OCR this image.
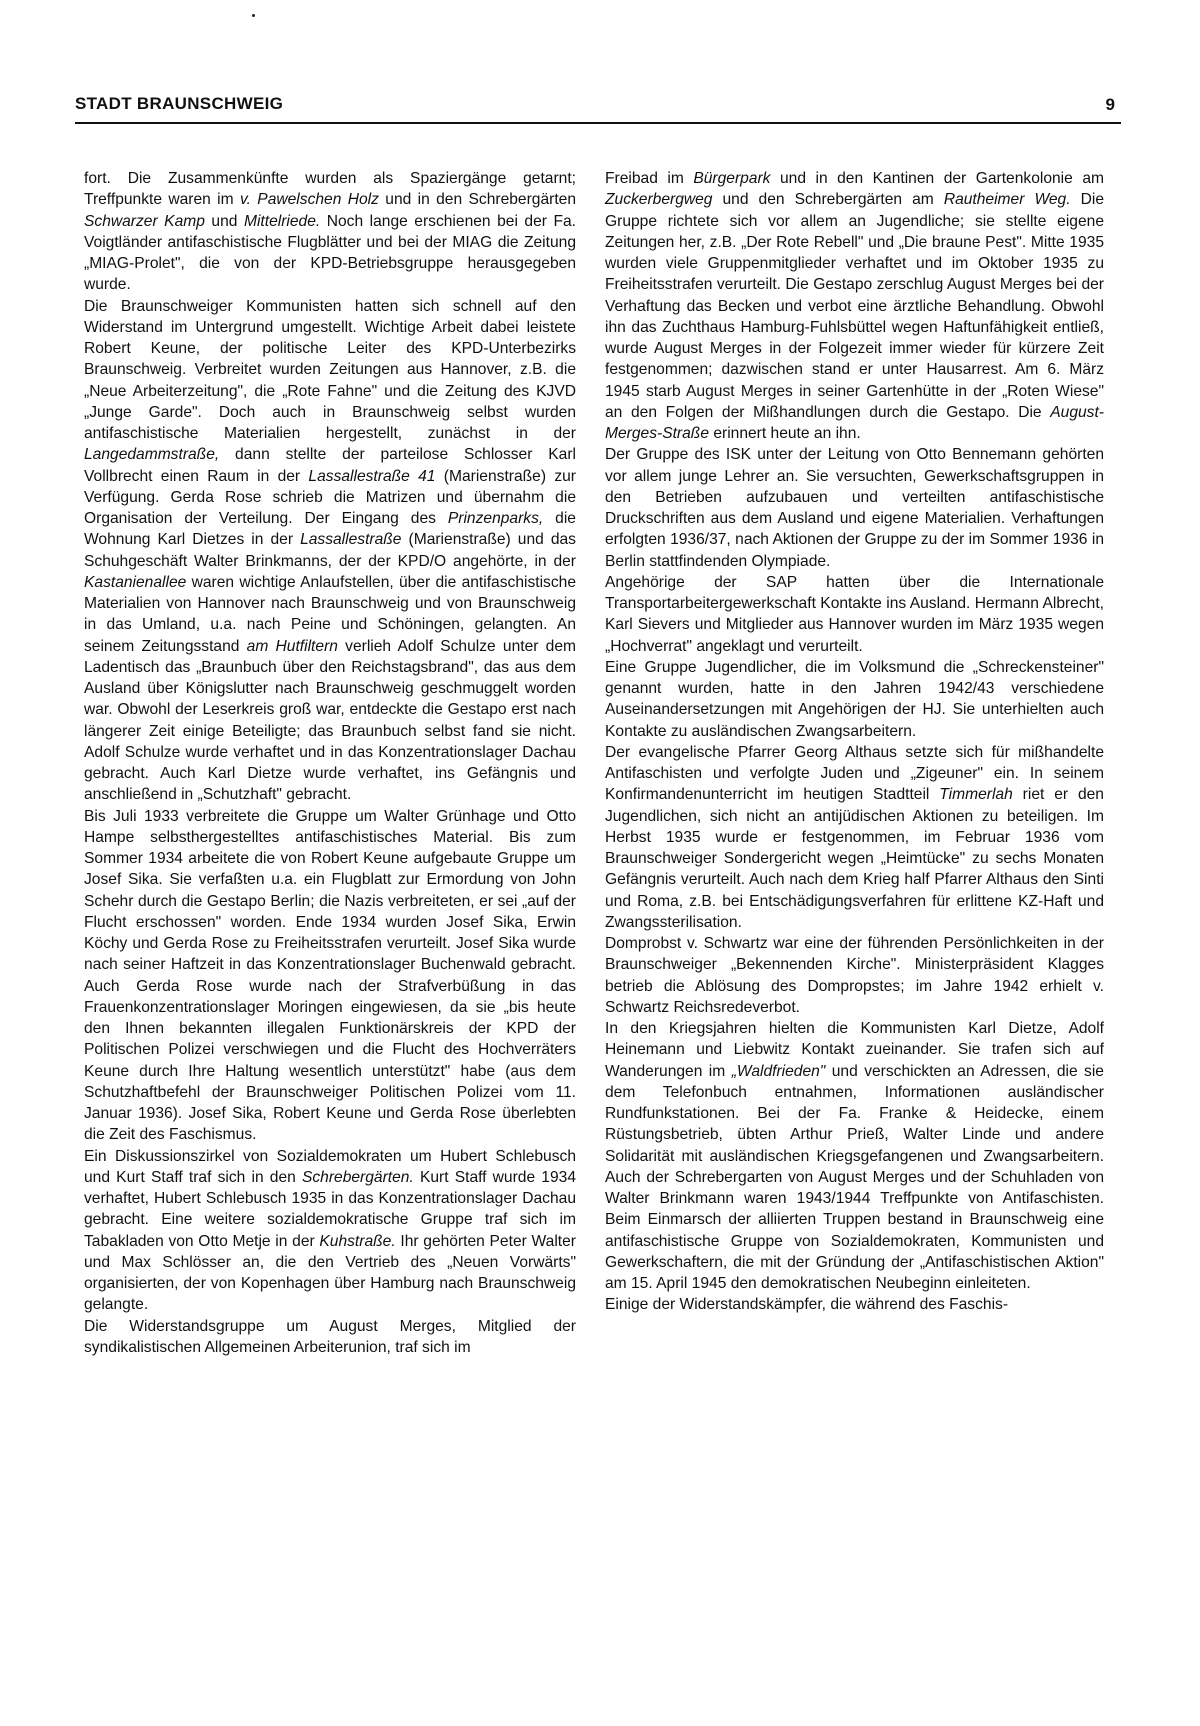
STADT BRAUNSCHWEIG	9

fort. Die Zusammenkünfte wurden als Spaziergänge getarnt; Treffpunkte waren im v. Pawelschen Holz und in den Schrebergärten Schwarzer Kamp und Mittelriede. Noch lange erschienen bei der Fa. Voigtländer antifaschistische Flugblätter und bei der MIAG die Zeitung „MIAG-Prolet", die von der KPD-Betriebsgruppe herausgegeben wurde.

Die Braunschweiger Kommunisten hatten sich schnell auf den Widerstand im Untergrund umgestellt. Wichtige Arbeit dabei leistete Robert Keune, der politische Leiter des KPD-Unterbezirks Braunschweig. Verbreitet wurden Zeitungen aus Hannover, z.B. die „Neue Arbeiterzeitung", die „Rote Fahne" und die Zeitung des KJVD „Junge Garde". Doch auch in Braunschweig selbst wurden antifaschistische Materialien hergestellt, zunächst in der Langedammstraße, dann stellte der parteilose Schlosser Karl Vollbrecht einen Raum in der Lassallestraße 41 (Marienstraße) zur Verfügung. Gerda Rose schrieb die Matrizen und übernahm die Organisation der Verteilung. Der Eingang des Prinzenparks, die Wohnung Karl Dietzes in der Lassallestraße (Marienstraße) und das Schuhgeschäft Walter Brinkmanns, der der KPD/O angehörte, in der Kastanienallee waren wichtige Anlaufstellen, über die antifaschistische Materialien von Hannover nach Braunschweig und von Braunschweig in das Umland, u.a. nach Peine und Schöningen, gelangten. An seinem Zeitungsstand am Hutfiltern verlieh Adolf Schulze unter dem Ladentisch das „Braunbuch über den Reichstagsbrand", das aus dem Ausland über Königslutter nach Braunschweig geschmuggelt worden war. Obwohl der Leserkreis groß war, entdeckte die Gestapo erst nach längerer Zeit einige Beteiligte; das Braunbuch selbst fand sie nicht. Adolf Schulze wurde verhaftet und in das Konzentrationslager Dachau gebracht. Auch Karl Dietze wurde verhaftet, ins Gefängnis und anschließend in „Schutzhaft" gebracht.

Bis Juli 1933 verbreitete die Gruppe um Walter Grünhage und Otto Hampe selbsthergestelltes antifaschistisches Material. Bis zum Sommer 1934 arbeitete die von Robert Keune aufgebaute Gruppe um Josef Sika. Sie verfaßten u.a. ein Flugblatt zur Ermordung von John Schehr durch die Gestapo Berlin; die Nazis verbreiteten, er sei „auf der Flucht erschossen" worden. Ende 1934 wurden Josef Sika, Erwin Köchy und Gerda Rose zu Freiheitsstrafen verurteilt. Josef Sika wurde nach seiner Haftzeit in das Konzentrationslager Buchenwald gebracht. Auch Gerda Rose wurde nach der Strafverbüßung in das Frauenkonzentrationslager Moringen eingewiesen, da sie „bis heute den Ihnen bekannten illegalen Funktionärskreis der KPD der Politischen Polizei verschwiegen und die Flucht des Hochverräters Keune durch Ihre Haltung wesentlich unterstützt" habe (aus dem Schutzhaftbefehl der Braunschweiger Politischen Polizei vom 11. Januar 1936). Josef Sika, Robert Keune und Gerda Rose überlebten die Zeit des Faschismus.

Ein Diskussionszirkel von Sozialdemokraten um Hubert Schlebusch und Kurt Staff traf sich in den Schrebergärten. Kurt Staff wurde 1934 verhaftet, Hubert Schlebusch 1935 in das Konzentrationslager Dachau gebracht. Eine weitere sozialdemokratische Gruppe traf sich im Tabakladen von Otto Metje in der Kuhstraße. Ihr gehörten Peter Walter und Max Schlösser an, die den Vertrieb des „Neuen Vorwärts" organisierten, der von Kopenhagen über Hamburg nach Braunschweig gelangte.

Die Widerstandsgruppe um August Merges, Mitglied der syndikalistischen Allgemeinen Arbeiterunion, traf sich im

Freibad im Bürgerpark und in den Kantinen der Gartenkolonie am Zuckerbergweg und den Schrebergärten am Rautheimer Weg. Die Gruppe richtete sich vor allem an Jugendliche; sie stellte eigene Zeitungen her, z.B. „Der Rote Rebell" und „Die braune Pest". Mitte 1935 wurden viele Gruppenmitglieder verhaftet und im Oktober 1935 zu Freiheitsstrafen verurteilt. Die Gestapo zerschlug August Merges bei der Verhaftung das Becken und verbot eine ärztliche Behandlung. Obwohl ihn das Zuchthaus Hamburg-Fuhlsbüttel wegen Haftunfähigkeit entließ, wurde August Merges in der Folgezeit immer wieder für kürzere Zeit festgenommen; dazwischen stand er unter Hausarrest. Am 6. März 1945 starb August Merges in seiner Gartenhütte in der „Roten Wiese" an den Folgen der Mißhandlungen durch die Gestapo. Die August-Merges-Straße erinnert heute an ihn.

Der Gruppe des ISK unter der Leitung von Otto Bennemann gehörten vor allem junge Lehrer an. Sie versuchten, Gewerkschaftsgruppen in den Betrieben aufzubauen und verteilten antifaschistische Druckschriften aus dem Ausland und eigene Materialien. Verhaftungen erfolgten 1936/37, nach Aktionen der Gruppe zu der im Sommer 1936 in Berlin stattfindenden Olympiade.

Angehörige der SAP hatten über die Internationale Transportarbeitergewerkschaft Kontakte ins Ausland. Hermann Albrecht, Karl Sievers und Mitglieder aus Hannover wurden im März 1935 wegen „Hochverrat" angeklagt und verurteilt.

Eine Gruppe Jugendlicher, die im Volksmund die „Schreckensteiner" genannt wurden, hatte in den Jahren 1942/43 verschiedene Auseinandersetzungen mit Angehörigen der HJ. Sie unterhielten auch Kontakte zu ausländischen Zwangsarbeitern.

Der evangelische Pfarrer Georg Althaus setzte sich für mißhandelte Antifaschisten und verfolgte Juden und „Zigeuner" ein. In seinem Konfirmandenunterricht im heutigen Stadtteil Timmerlah riet er den Jugendlichen, sich nicht an antijüdischen Aktionen zu beteiligen. Im Herbst 1935 wurde er festgenommen, im Februar 1936 vom Braunschweiger Sondergericht wegen „Heimtücke" zu sechs Monaten Gefängnis verurteilt. Auch nach dem Krieg half Pfarrer Althaus den Sinti und Roma, z.B. bei Entschädigungsverfahren für erlittene KZ-Haft und Zwangssterilisation.

Domprobst v. Schwartz war eine der führenden Persönlichkeiten in der Braunschweiger „Bekennenden Kirche". Ministerpräsident Klagges betrieb die Ablösung des Dompropstes; im Jahre 1942 erhielt v. Schwartz Reichsredeverbot.

In den Kriegsjahren hielten die Kommunisten Karl Dietze, Adolf Heinemann und Liebwitz Kontakt zueinander. Sie trafen sich auf Wanderungen im „Waldfrieden" und verschickten an Adressen, die sie dem Telefonbuch entnahmen, Informationen ausländischer Rundfunkstationen. Bei der Fa. Franke & Heidecke, einem Rüstungsbetrieb, übten Arthur Prieß, Walter Linde und andere Solidarität mit ausländischen Kriegsgefangenen und Zwangsarbeitern. Auch der Schrebergarten von August Merges und der Schuhladen von Walter Brinkmann waren 1943/1944 Treffpunkte von Antifaschisten. Beim Einmarsch der alliierten Truppen bestand in Braunschweig eine antifaschistische Gruppe von Sozialdemokraten, Kommunisten und Gewerkschaftern, die mit der Gründung der „Antifaschistischen Aktion" am 15. April 1945 den demokratischen Neubeginn einleiteten.

Einige der Widerstandskämpfer, die während des Faschis-
